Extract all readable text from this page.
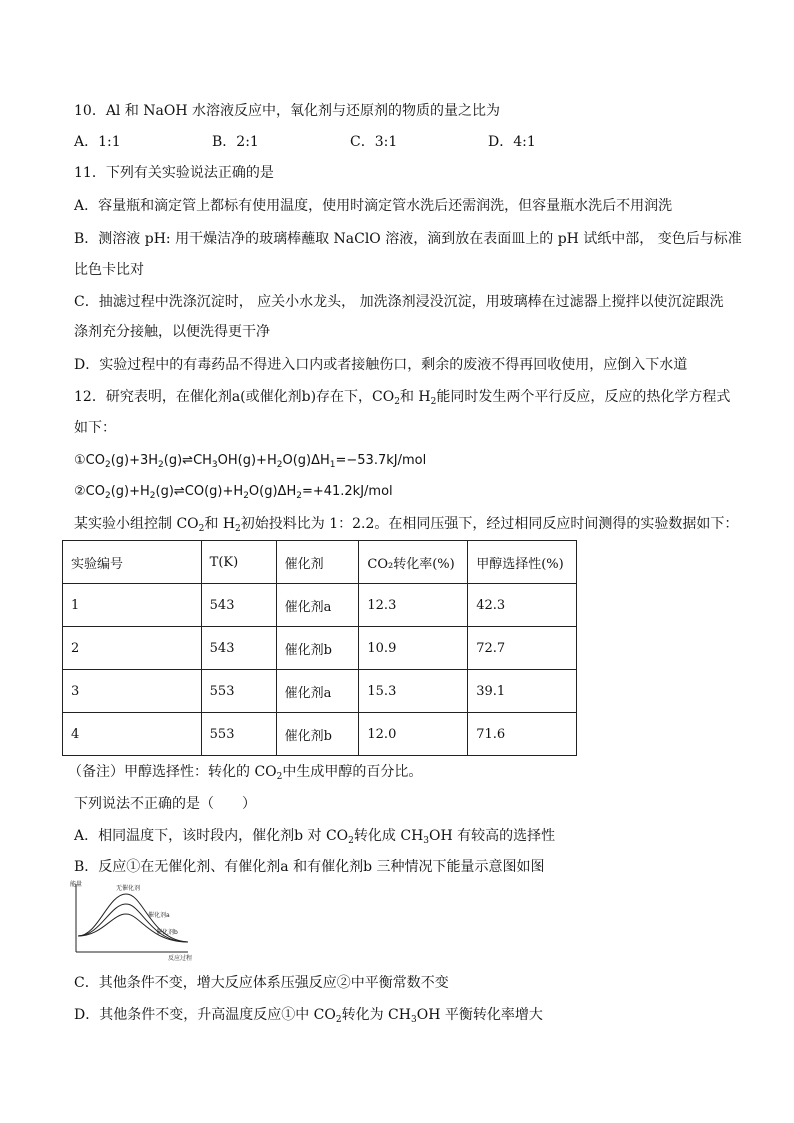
10．Al 和 NaOH 水溶液反应中，氧化剂与还原剂的物质的量之比为
A．1:1	B．2:1	C．3:1	D．4:1
11．下列有关实验说法正确的是
A．容量瓶和滴定管上都标有使用温度，使用时滴定管水洗后还需润洗，但容量瓶水洗后不用润洗
B．测溶液 pH: 用干燥洁净的玻璃棒蘸取 NaClO 溶液，滴到放在表面皿上的 pH 试纸中部， 变色后与标准
比色卡比对
C．抽滤过程中洗涤沉淀时， 应关小水龙头， 加洗涤剂浸没沉淀，用玻璃棒在过滤器上搅拌以使沉淀跟洗
涤剂充分接触，以便洗得更干净
D．实验过程中的有毒药品不得进入口内或者接触伤口，剩余的废液不得再回收使用，应倒入下水道
12．研究表明，在催化剂a(或催化剂b)存在下，$CO_2$和 $H_2$能同时发生两个平行反应，反应的热化学方程式
如下：
$①CO_2(g)+3H_2(g)\rightleftharpoons CH_3OH(g)+H_2O(g)\Delta H_1=-53.7kJ$/mol
$②CO_2(g)+H_2(g)\rightleftharpoons CO(g)+H_2O(g)\Delta H_2=+41.2kJ$/mol
某实验小组控制 $CO_2$和 $H_2$初始投料比为 1：2.2。在相同压强下，经过相同反应时间测得的实验数据如下：
实验编号	T(K)	催化剂	CO₂转化率(%)	甲醇选择性(%)
1	543	催化剂a	12.3	42.3
2	543	催化剂b	10.9	72.7
3	553	催化剂a	15.3	39.1
4	553	催化剂b	12.0	71.6
（备注）甲醇选择性：转化的 $CO_2$中生成甲醇的百分比。
下列说法不正确的是（　　）
A．相同温度下，该时段内，催化剂b 对 $CO_2$转化成 $CH_3OH$ 有较高的选择性
B．反应①在无催化剂、有催化剂a 和有催化剂b 三种情况下能量示意图如图
能量
反应过程
无催化剂
催化剂a
催化剂b
C．其他条件不变，增大反应体系压强反应②中平衡常数不变
D．其他条件不变，升高温度反应①中 $CO_2$转化为 $CH_3OH$ 平衡转化率增大
